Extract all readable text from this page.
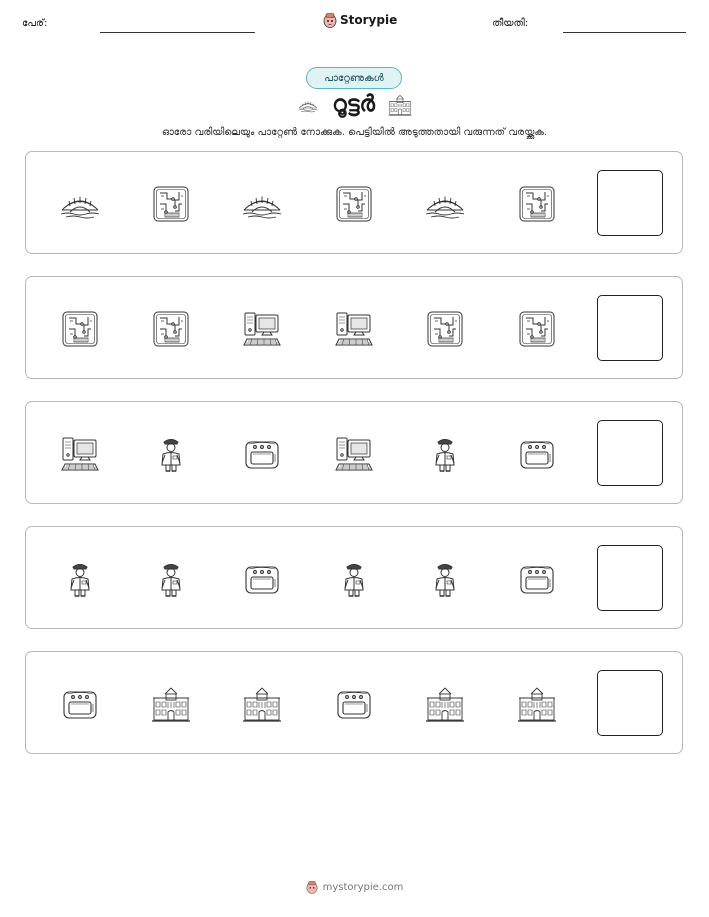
പേര്:	Storypie	തീയതി:
പാറ്റേണുകൾ
റൂട്ടർ
ഓരോ വരിയിലെയും പാറ്റേൺ നോക്കുക. പെട്ടിയിൽ അടുത്തതായി വരുന്നത് വരയ്ക്കുക.
mystorypie.com
